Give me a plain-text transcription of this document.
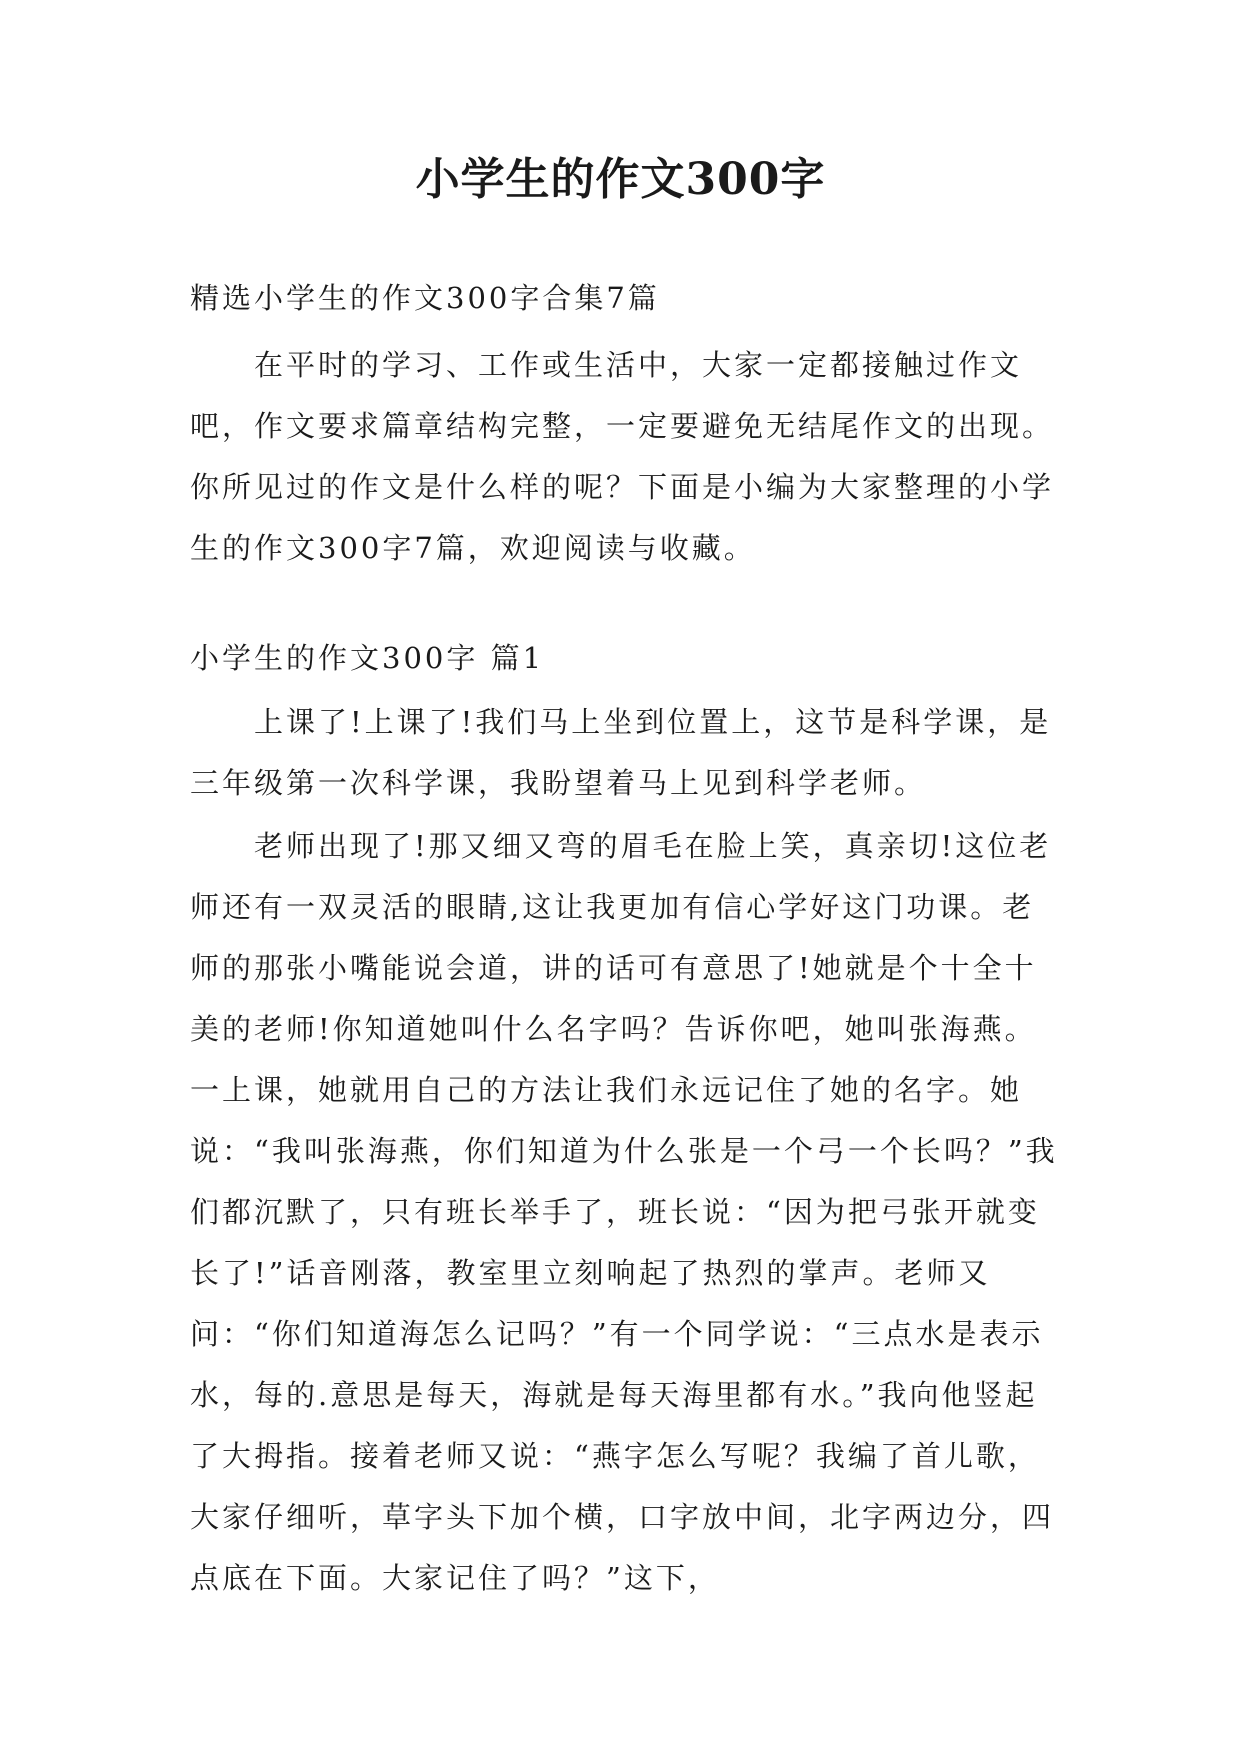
小学生的作文300字
精选小学生的作文300字合集7篇

在平时的学习、工作或生活中，大家一定都接触过作文吧，作文要求篇章结构完整，一定要避免无结尾作文的出现。你所见过的作文是什么样的呢？下面是小编为大家整理的小学生的作文300字7篇，欢迎阅读与收藏。

小学生的作文300字 篇1

上课了!上课了!我们马上坐到位置上，这节是科学课，是三年级第一次科学课，我盼望着马上见到科学老师。

老师出现了!那又细又弯的眉毛在脸上笑，真亲切!这位老师还有一双灵活的眼睛,这让我更加有信心学好这门功课。老师的那张小嘴能说会道，讲的话可有意思了!她就是个十全十美的老师!你知道她叫什么名字吗？告诉你吧，她叫张海燕。一上课，她就用自己的方法让我们永远记住了她的名字。她说：“我叫张海燕，你们知道为什么张是一个弓一个长吗？”我们都沉默了，只有班长举手了，班长说：“因为把弓张开就变长了!”话音刚落，教室里立刻响起了热烈的掌声。老师又问：“你们知道海怎么记吗？”有一个同学说：“三点水是表示水，每的.意思是每天，海就是每天海里都有水。”我向他竖起了大拇指。接着老师又说：“燕字怎么写呢？我编了首儿歌，大家仔细听，草字头下加个横，口字放中间，北字两边分，四点底在下面。大家记住了吗？”这下，
